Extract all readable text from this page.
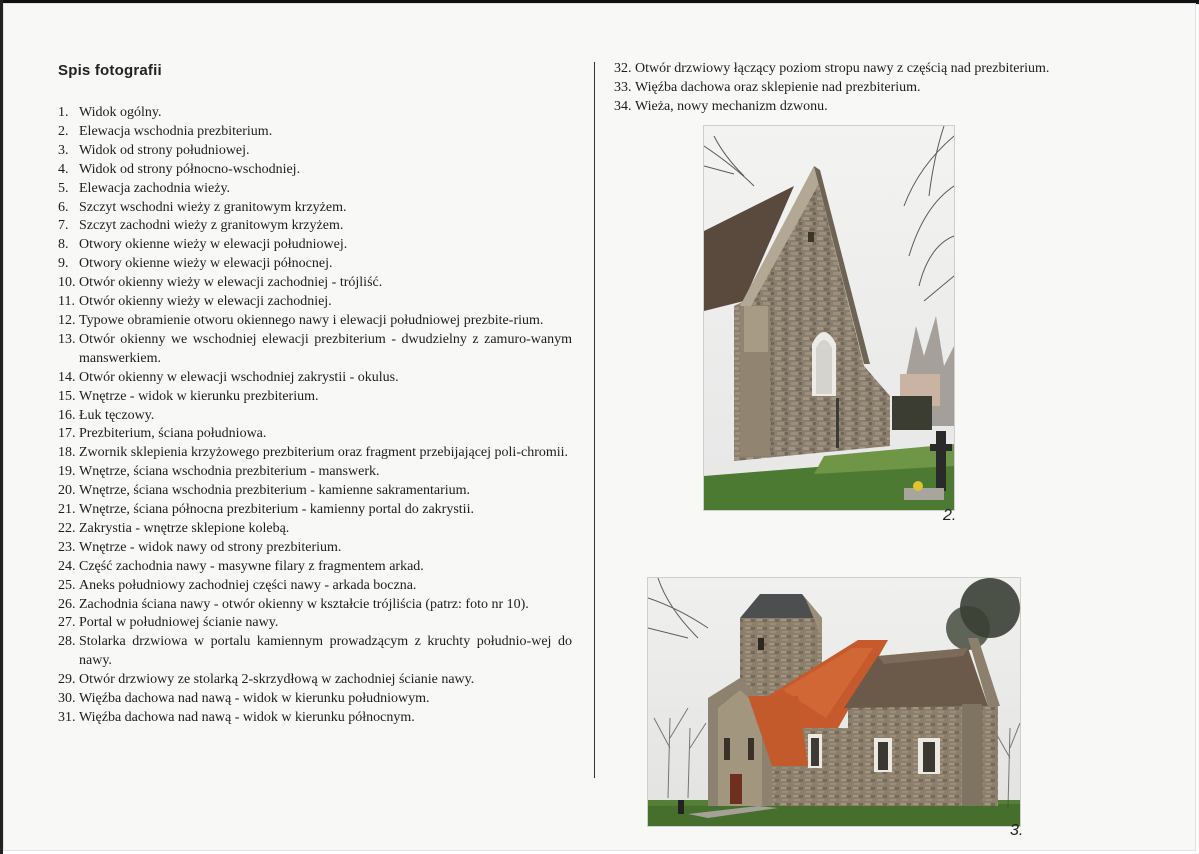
Spis fotografii
1. Widok ogólny.
2. Elewacja wschodnia prezbiterium.
3. Widok od strony południowej.
4. Widok od strony północno-wschodniej.
5. Elewacja zachodnia wieży.
6. Szczyt wschodni wieży z granitowym krzyżem.
7. Szczyt zachodni wieży z granitowym krzyżem.
8. Otwory okienne wieży w elewacji południowej.
9. Otwory okienne wieży w elewacji północnej.
10. Otwór okienny wieży w elewacji zachodniej - trójliść.
11. Otwór okienny wieży w elewacji zachodniej.
12. Typowe obramienie otworu okiennego nawy i elewacji południowej prezbite-rium.
13. Otwór okienny we wschodniej elewacji prezbiterium - dwudzielny z zamuro-wanym manswerkiem.
14. Otwór okienny w elewacji wschodniej zakrystii - okulus.
15. Wnętrze - widok w kierunku prezbiterium.
16. Łuk tęczowy.
17. Prezbiterium, ściana południowa.
18. Zwornik sklepienia krzyżowego prezbiterium oraz fragment przebijającej poli-chromii.
19. Wnętrze, ściana wschodnia prezbiterium - manswerk.
20. Wnętrze, ściana wschodnia prezbiterium - kamienne sakramentarium.
21. Wnętrze, ściana północna prezbiterium - kamienny portal do zakrystii.
22. Zakrystia - wnętrze sklepione kolebą.
23. Wnętrze - widok nawy od strony prezbiterium.
24. Część zachodnia nawy - masywne filary z fragmentem arkad.
25. Aneks południowy zachodniej części nawy - arkada boczna.
26. Zachodnia ściana nawy - otwór okienny w kształcie trójliścia (patrz: foto nr 10).
27. Portal w południowej ścianie nawy.
28. Stolarka drzwiowa w portalu kamiennym prowadzącym z kruchty południo-wej do nawy.
29. Otwór drzwiowy ze stolarką 2-skrzydłową w zachodniej ścianie nawy.
30. Więźba dachowa nad nawą - widok w kierunku południowym.
31. Więźba dachowa nad nawą - widok w kierunku północnym.
32. Otwór drzwiowy łączący poziom stropu nawy z częścią nad prezbiterium.
33. Więźba dachowa oraz sklepienie nad prezbiterium.
34. Wieża, nowy mechanizm dzwonu.
2.
3.
